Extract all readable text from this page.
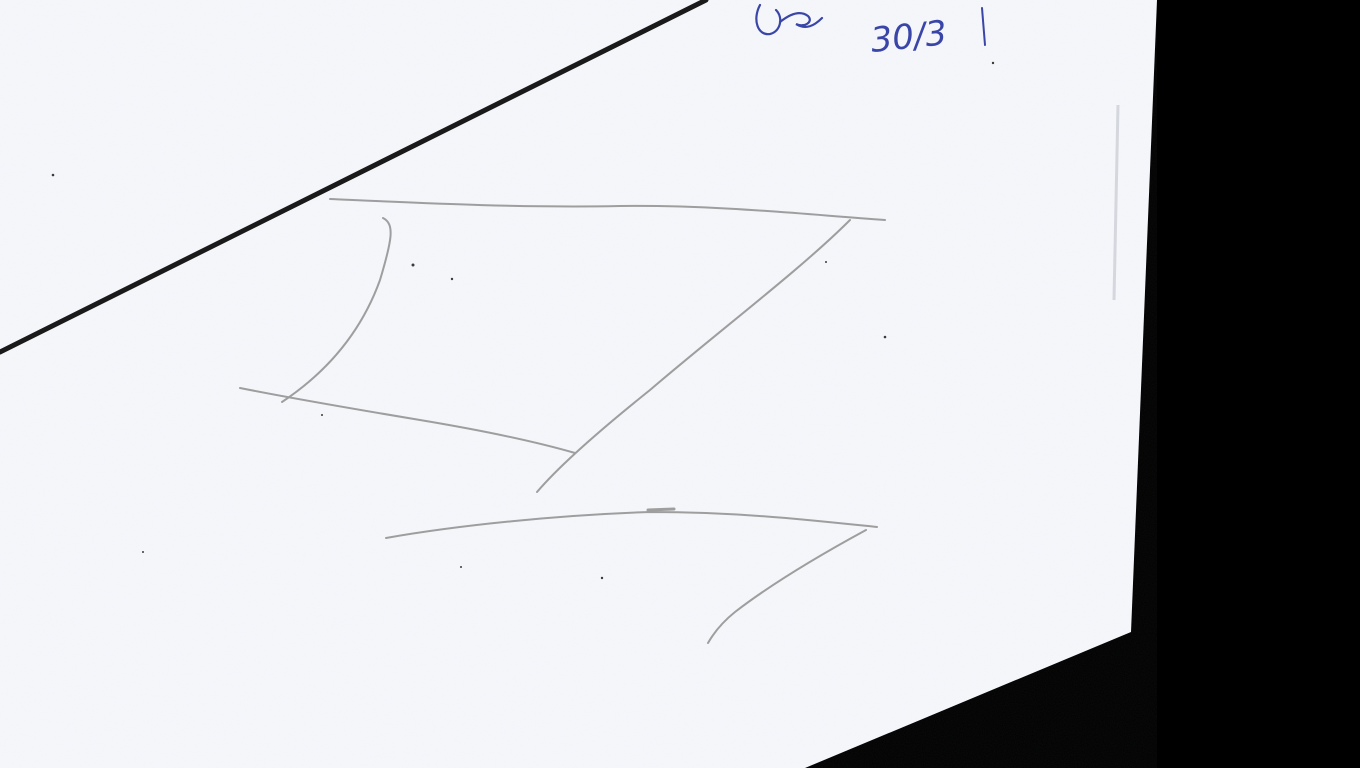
30/3
